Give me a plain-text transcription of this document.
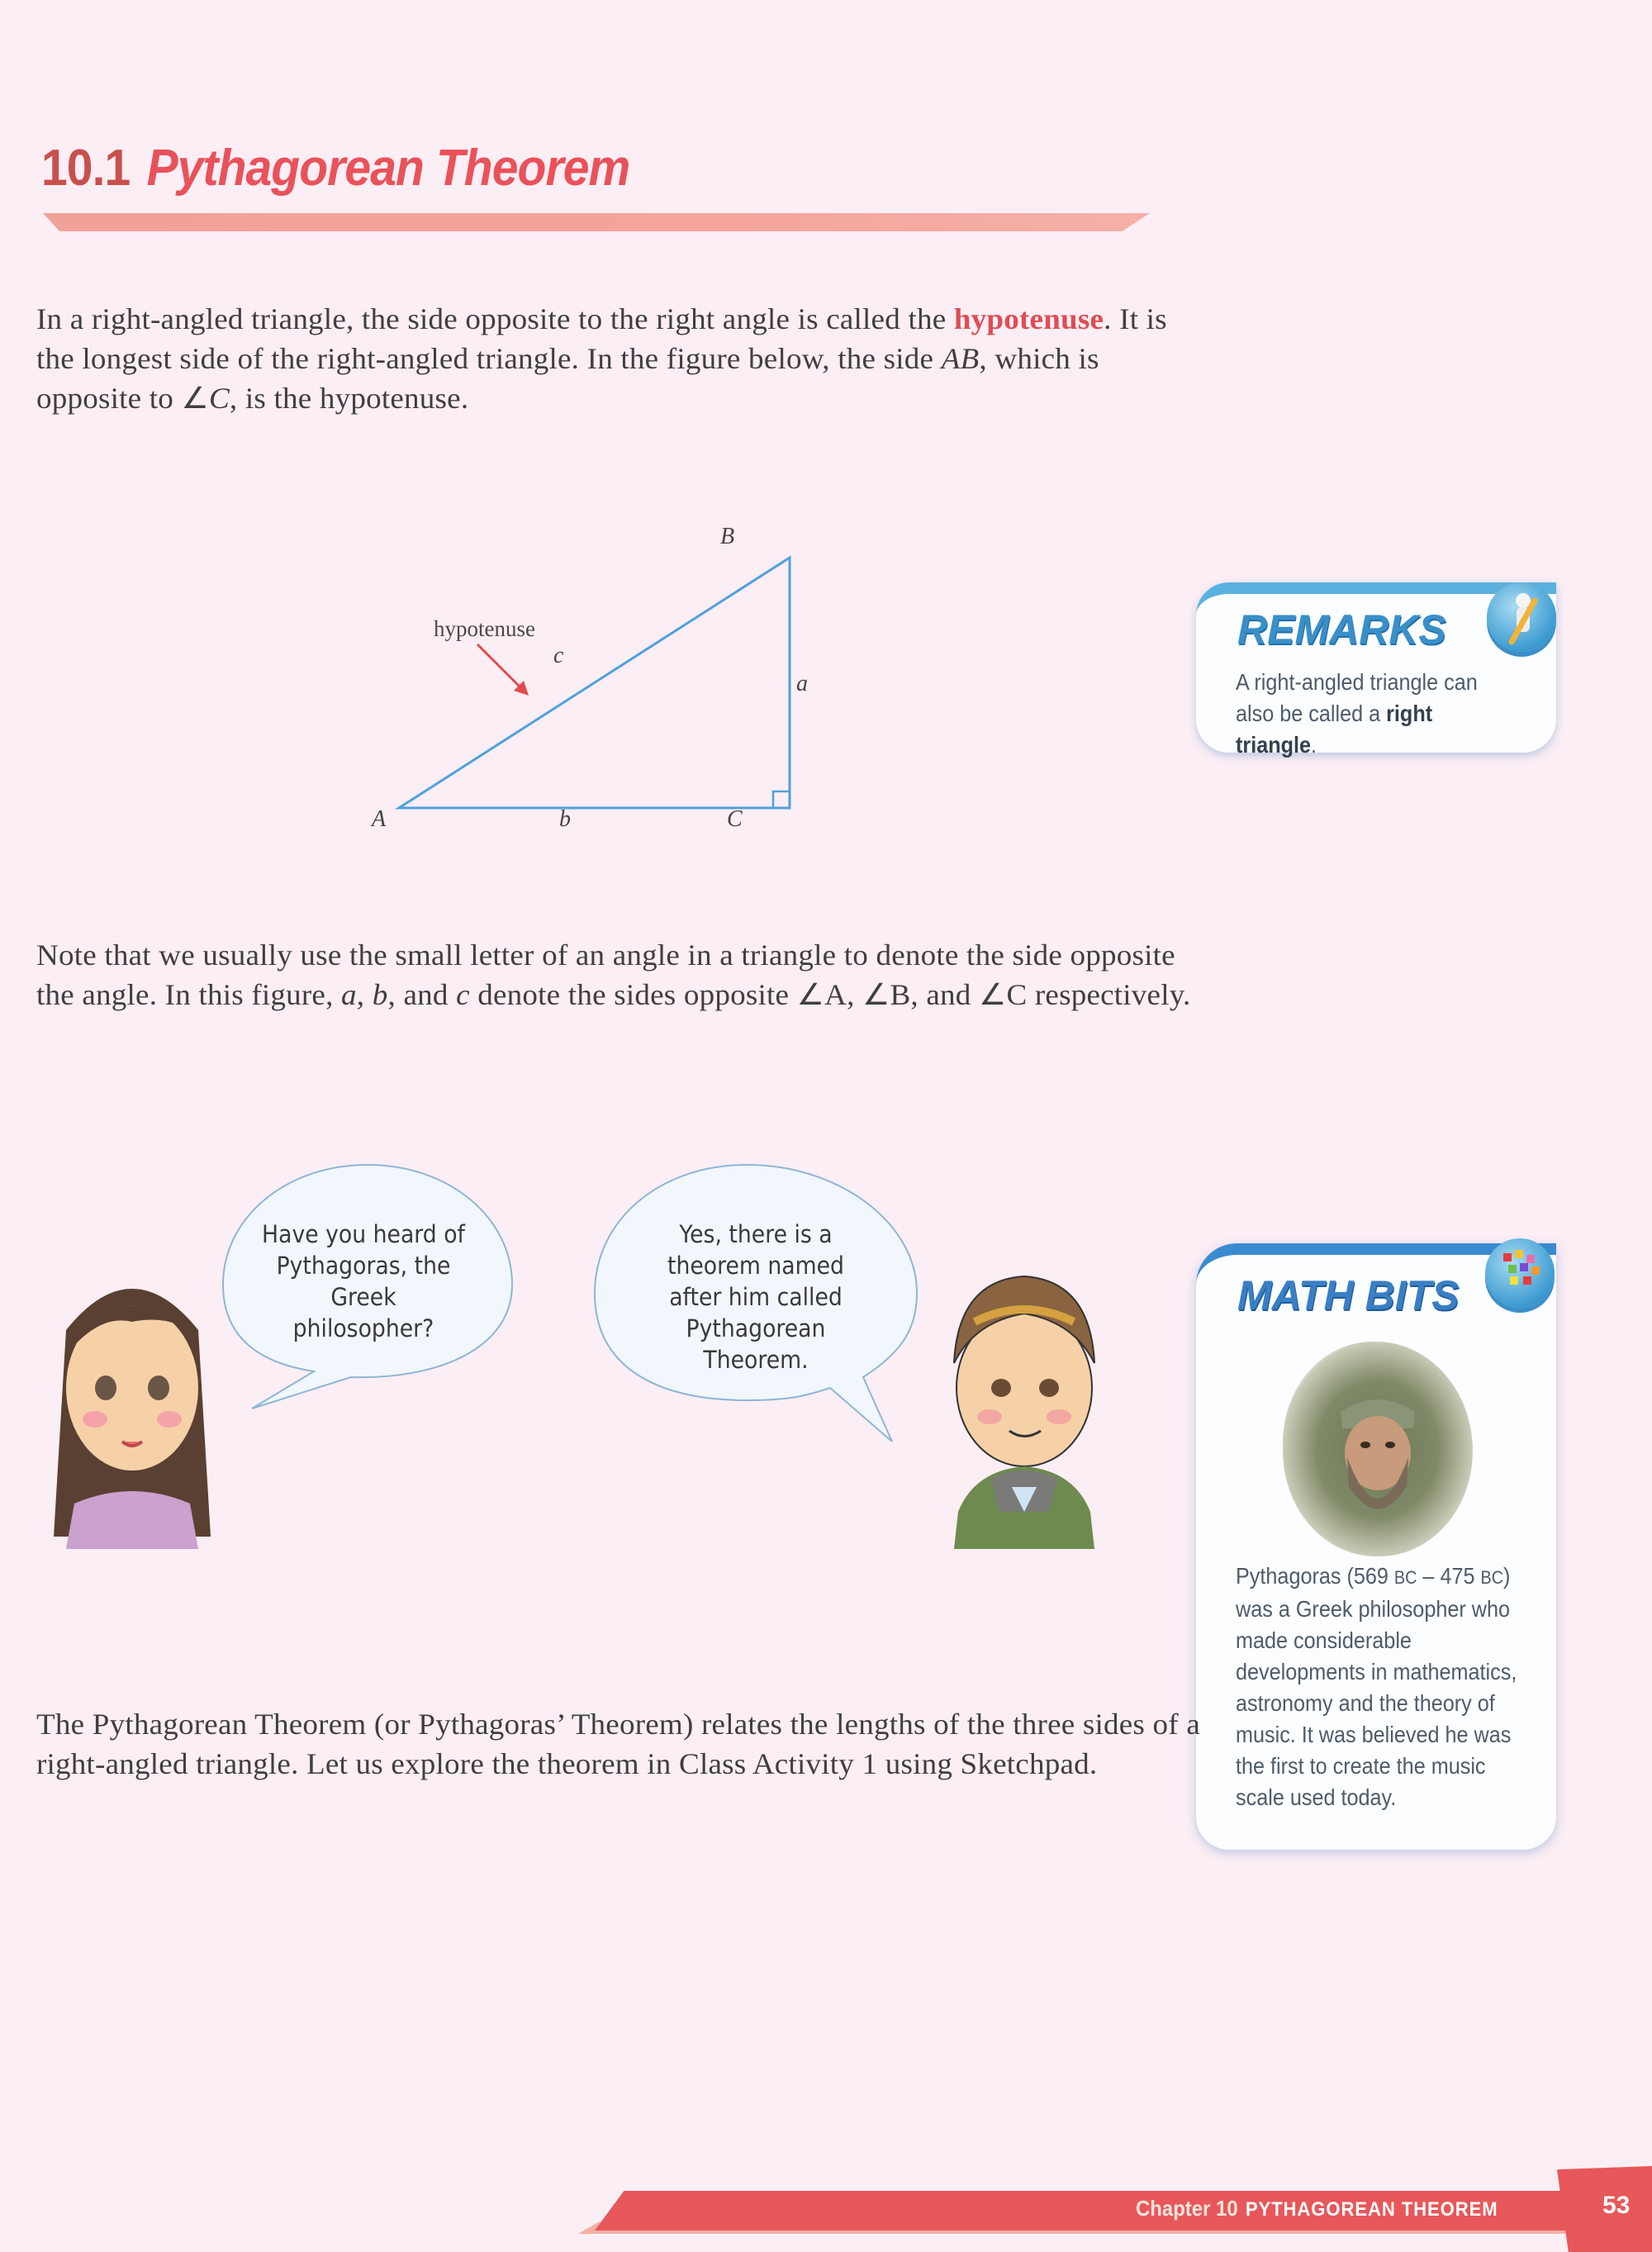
10.1 Pythagorean Theorem
In a right-angled triangle, the side opposite to the right angle is called the hypotenuse. It is the longest side of the right-angled triangle. In the figure below, the side AB, which is opposite to ∠C, is the hypotenuse.
hypotenuse
B
A	C
a
b
c
REMARKS
A right-angled triangle can also be called a right triangle.
Note that we usually use the small letter of an angle in a triangle to denote the side opposite the angle. In this figure, a, b, and c denote the sides opposite ∠A, ∠B, and ∠C respectively.
Have you heard of Pythagoras, the Greek philosopher?
Yes, there is a theorem named after him called Pythagorean Theorem.
MATH BITS
Pythagoras (569 BC – 475 BC) was a Greek philosopher who made considerable developments in mathematics, astronomy and the theory of music. It was believed he was the first to create the music scale used today.
The Pythagorean Theorem (or Pythagoras’ Theorem) relates the lengths of the three sides of a right-angled triangle. Let us explore the theorem in Class Activity 1 using Sketchpad.
Chapter 10 PYTHAGOREAN THEOREM	53
